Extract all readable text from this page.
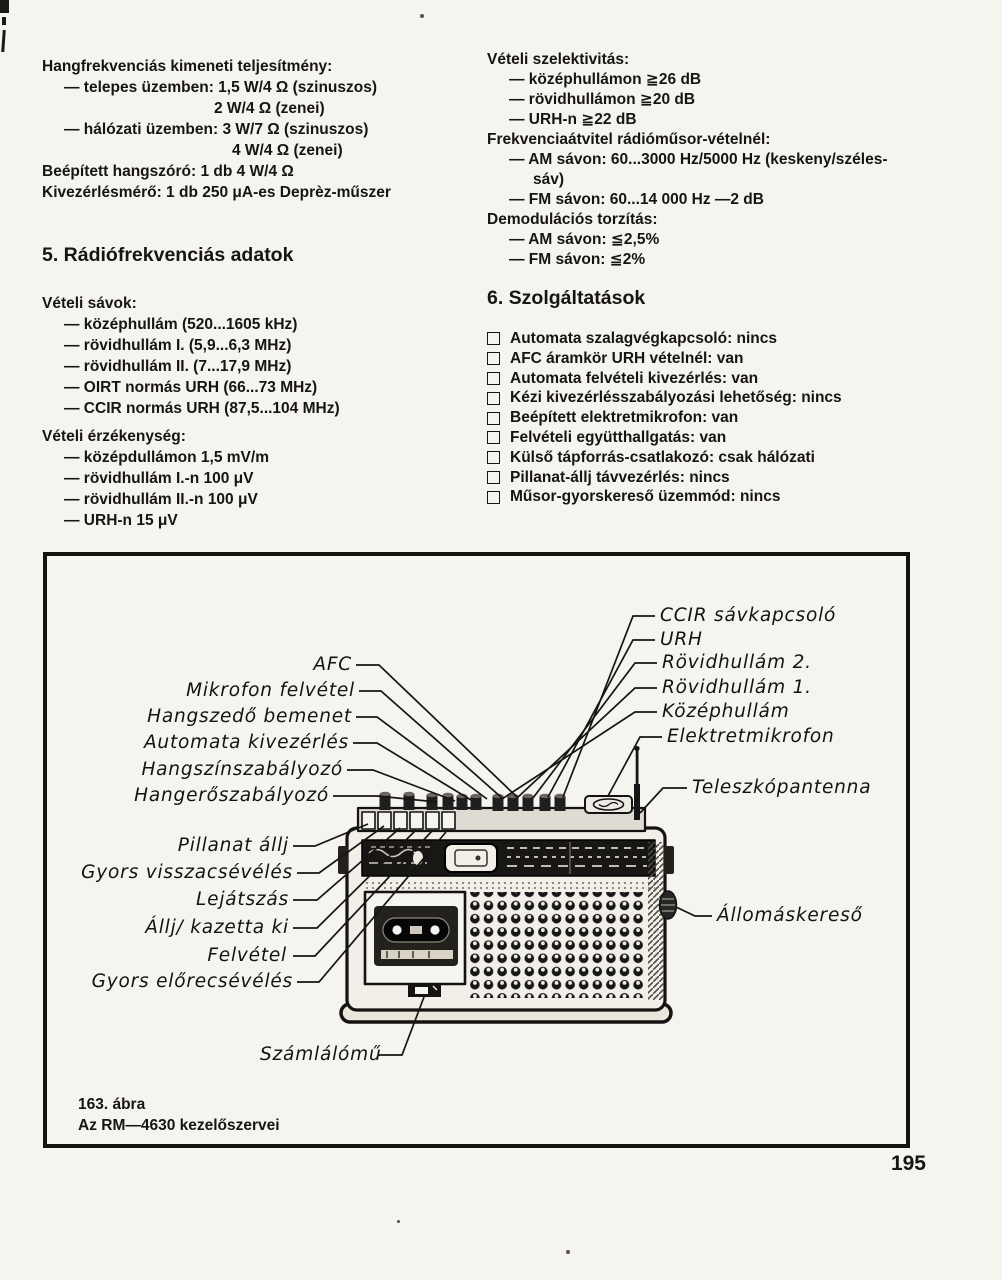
Hangfrekvenciás kimeneti teljesítmény:
— telepes üzemben: 1,5 W/4 Ω (szinuszos)
2 W/4 Ω (zenei)
— hálózati üzemben: 3 W/7 Ω (szinuszos)
4 W/4 Ω (zenei)
Beépített hangszóró: 1 db 4 W/4 Ω
Kivezérlésmérő: 1 db 250 μA-es Deprèz-műszer
5. Rádiófrekvenciás adatok
Vételi sávok:
— középhullám (520...1605 kHz)
— rövidhullám I. (5,9...6,3 MHz)
— rövidhullám II. (7...17,9 MHz)
— OIRT normás URH (66...73 MHz)
— CCIR normás URH (87,5...104 MHz)
Vételi érzékenység:
— középdullámon 1,5 mV/m
— rövidhullám I.-n 100 μV
— rövidhullám II.-n 100 μV
— URH-n 15 μV
Vételi szelektivitás:
— középhullámon ≧26 dB
— rövidhullámon ≧20 dB
— URH-n ≧22 dB
Frekvenciaátvitel rádióműsor-vételnél:
— AM sávon: 60...3000 Hz/5000 Hz (keskeny/széles-
sáv)
— FM sávon: 60...14 000 Hz —2 dB
Demodulációs torzítás:
— AM sávon: ≦2,5%
— FM sávon: ≦2%
6. Szolgáltatások
Automata szalagvégkapcsoló: nincs
AFC áramkör URH vételnél: van
Automata felvételi kivezérlés: van
Kézi kivezérlésszabályozási lehetőség: nincs
Beépített elektretmikrofon: van
Felvételi együtthallgatás: van
Külső tápforrás-csatlakozó: csak hálózati
Pillanat-állj távvezérlés: nincs
Műsor-gyorskereső üzemmód: nincs
AFC
Mikrofon felvétel
Hangszedő bemenet
Automata kivezérlés
Hangszínszabályozó
Hangerőszabályozó
CCIR sávkapcsoló
URH
Rövidhullám 2.
Rövidhullám 1.
Középhullám
Elektretmikrofon
Teleszkópantenna
Pillanat állj
Gyors visszacsévélés
Lejátszás
Állj/ kazetta ki
Felvétel
Gyors előrecsévélés
Számlálómű
Állomáskereső
163. ábra
Az RM—4630 kezelőszervei
195
